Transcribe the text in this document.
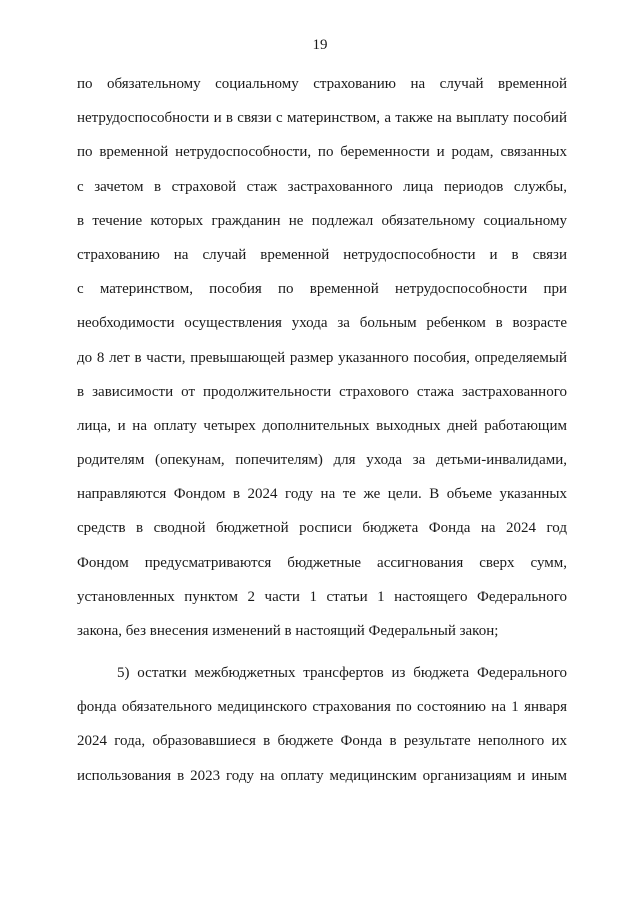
19
по обязательному социальному страхованию на случай временной
нетрудоспособности и в связи с материнством, а также на выплату пособий
по временной нетрудоспособности, по беременности и родам, связанных
с зачетом в страховой стаж застрахованного лица периодов службы,
в течение которых гражданин не подлежал обязательному социальному
страхованию на случай временной нетрудоспособности и в связи
с материнством, пособия по временной нетрудоспособности при
необходимости осуществления ухода за больным ребенком в возрасте
до 8 лет в части, превышающей размер указанного пособия, определяемый
в зависимости от продолжительности страхового стажа застрахованного
лица, и на оплату четырех дополнительных выходных дней работающим
родителям (опекунам, попечителям) для ухода за детьми-инвалидами,
направляются Фондом в 2024 году на те же цели. В объеме указанных
средств в сводной бюджетной росписи бюджета Фонда на 2024 год
Фондом предусматриваются бюджетные ассигнования сверх сумм,
установленных пунктом 2 части 1 статьи 1 настоящего Федерального
закона, без внесения изменений в настоящий Федеральный закон;
5) остатки межбюджетных трансфертов из бюджета Федерального
фонда обязательного медицинского страхования по состоянию на 1 января
2024 года, образовавшиеся в бюджете Фонда в результате неполного их
использования в 2023 году на оплату медицинским организациям и иным
